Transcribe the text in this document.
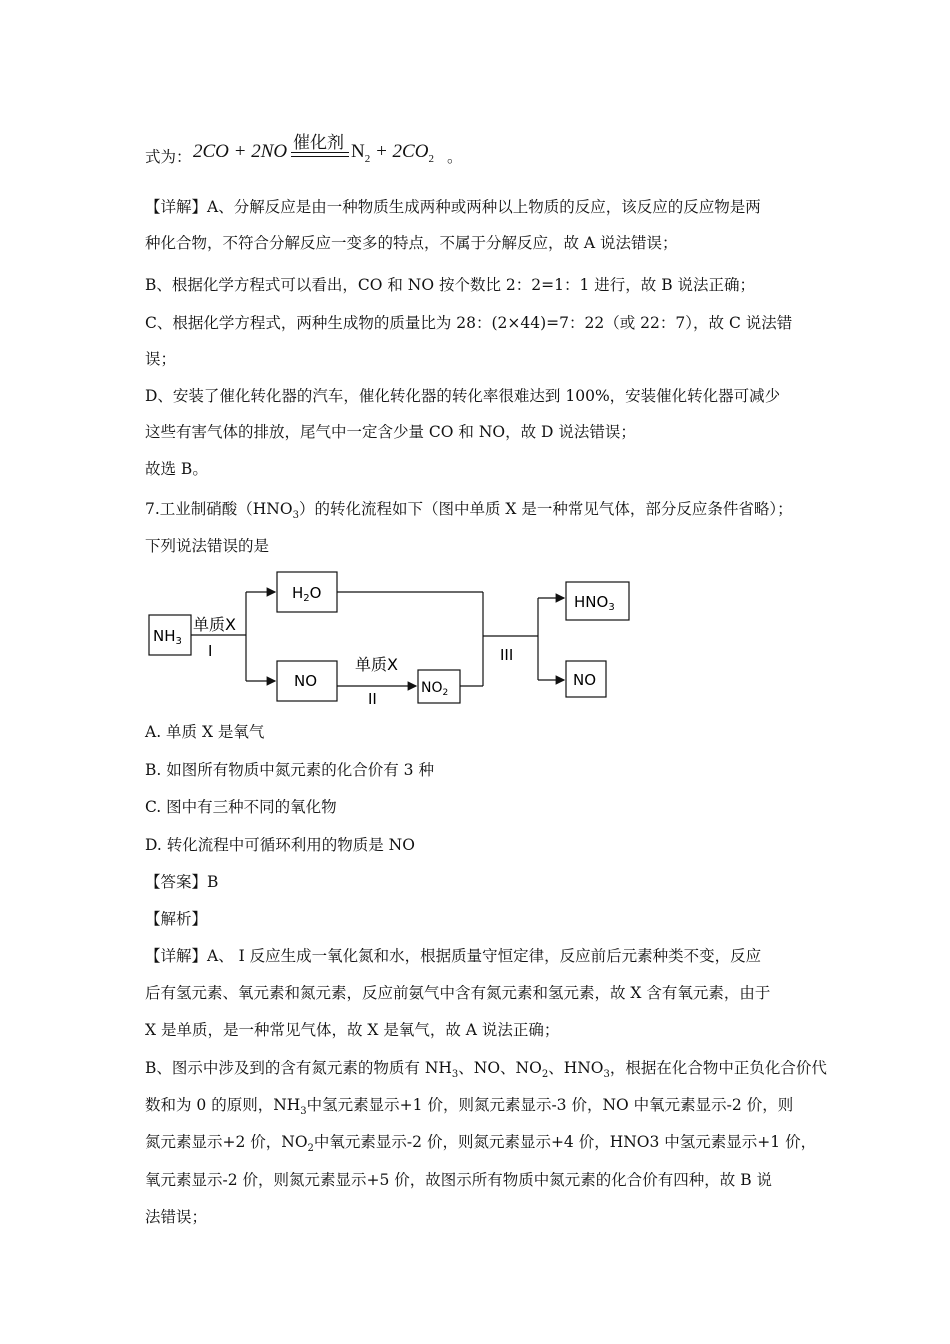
式为： 2CO + 2NO 催化剂 $N_2 + 2CO_2$ 。
【详解】A、分解反应是由一种物质生成两种或两种以上物质的反应，该反应的反应物是两
种化合物，不符合分解反应一变多的特点，不属于分解反应，故 A 说法错误；
B、根据化学方程式可以看出，CO 和 NO 按个数比 2：2=1：1 进行，故 B 说法正确；
C、根据化学方程式，两种生成物的质量比为 28：(2×44)=7：22（或 22：7），故 C 说法错
误；
D、安装了催化转化器的汽车，催化转化器的转化率很难达到 100%，安装催化转化器可减少
这些有害气体的排放，尾气中一定含少量 CO 和 NO，故 D 说法错误；
故选 B。
7.工业制硝酸$(HNO_3)$的转化流程如下（图中单质 X 是一种常见气体，部分反应条件省略）；
下列说法错误的是
$NH_3$
$H_2O$
NO	$NO_2$
$HNO_3$
NO
单质X
I
单质X
II
III
A. 单质 X 是氧气
B. 如图所有物质中氮元素的化合价有 3 种
C. 图中有三种不同的氧化物
D. 转化流程中可循环利用的物质是 NO
【答案】B
【解析】
【详解】A、 I 反应生成一氧化氮和水，根据质量守恒定律，反应前后元素种类不变，反应
后有氢元素、氧元素和氮元素，反应前氨气中含有氮元素和氢元素，故 X 含有氧元素，由于
X 是单质，是一种常见气体，故 X 是氧气，故 A 说法正确；
B、图示中涉及到的含有氮元素的物质有 $NH_3$、NO、$NO_2$、$HNO_3$，根据在化合物中正负化合价代
数和为 0 的原则，$NH_3$中氢元素显示+1 价，则氮元素显示-3 价，NO 中氧元素显示-2 价，则
氮元素显示+2 价，$NO_2$中氧元素显示-2 价，则氮元素显示+4 价，HNO3 中氢元素显示+1 价，
氧元素显示-2 价，则氮元素显示+5 价，故图示所有物质中氮元素的化合价有四种，故 B 说
法错误；
